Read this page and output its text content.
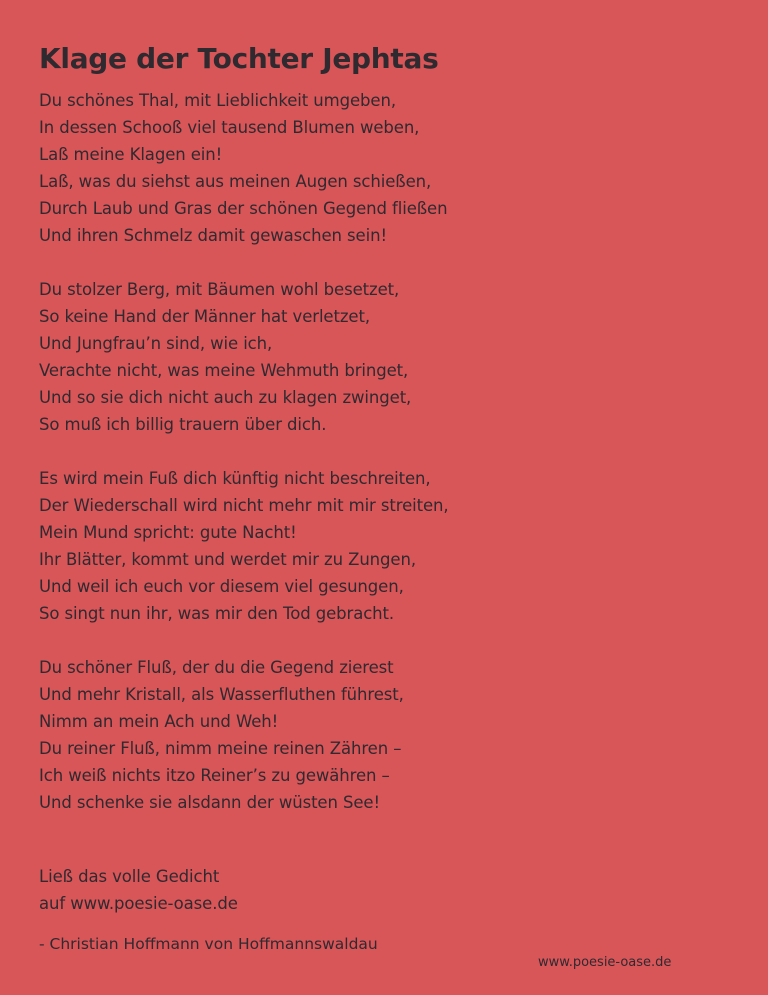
Klage der Tochter Jephtas
Du schönes Thal, mit Lieblichkeit umgeben,
In dessen Schooß viel tausend Blumen weben,
Laß meine Klagen ein!
Laß, was du siehst aus meinen Augen schießen,
Durch Laub und Gras der schönen Gegend fließen
Und ihren Schmelz damit gewaschen sein!
Du stolzer Berg, mit Bäumen wohl besetzet,
So keine Hand der Männer hat verletzet,
Und Jungfrau’n sind, wie ich,
Verachte nicht, was meine Wehmuth bringet,
Und so sie dich nicht auch zu klagen zwinget,
So muß ich billig trauern über dich.
Es wird mein Fuß dich künftig nicht beschreiten,
Der Wiederschall wird nicht mehr mit mir streiten,
Mein Mund spricht: gute Nacht!
Ihr Blätter, kommt und werdet mir zu Zungen,
Und weil ich euch vor diesem viel gesungen,
So singt nun ihr, was mir den Tod gebracht.
Du schöner Fluß, der du die Gegend zierest
Und mehr Kristall, als Wasserfluthen führest,
Nimm an mein Ach und Weh!
Du reiner Fluß, nimm meine reinen Zähren –
Ich weiß nichts itzo Reiner’s zu gewähren –
Und schenke sie alsdann der wüsten See!
Ließ das volle Gedicht
auf www.poesie-oase.de
- Christian Hoffmann von Hoffmannswaldau
www.poesie-oase.de
